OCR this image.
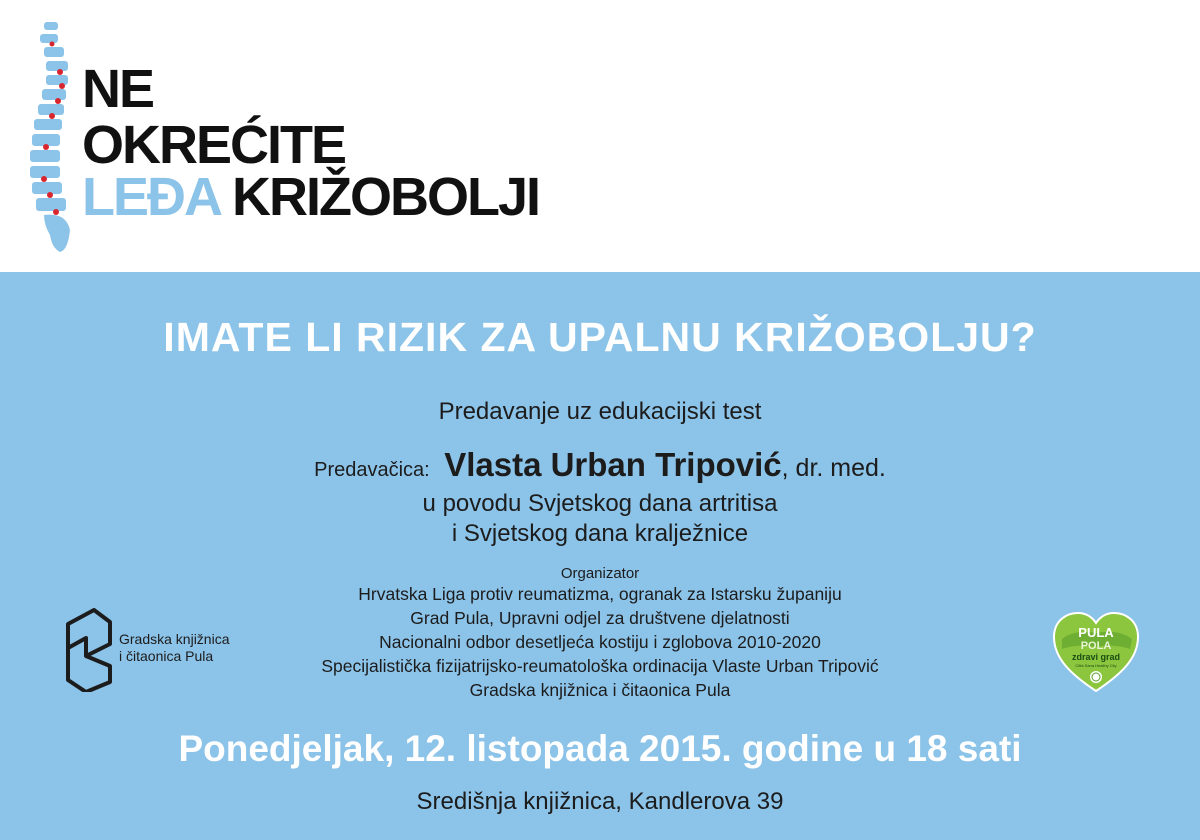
NE
OKREĆITE
LEĐA KRIŽOBOLJI
IMATE LI RIZIK ZA UPALNU KRIŽOBOLJU?
Predavanje uz edukacijski test
Predavačica: Vlasta Urban Tripović, dr. med.
u povodu Svjetskog dana artritisa
i Svjetskog dana kralježnice
Organizator
Hrvatska Liga protiv reumatizma, ogranak za Istarsku županiju
Grad Pula, Upravni odjel za društvene djelatnosti
Nacionalni odbor desetljeća kostiju i zglobova 2010-2020
Specijalistička fizijatrijsko-reumatološka ordinacija Vlaste Urban Tripović
Gradska knjižnica i čitaonica Pula
Gradska knjižnica
i čitaonica Pula
PULA
POLA
zdravi grad
Città Sana Healthy City
Ponedjeljak, 12. listopada 2015. godine u 18 sati
Središnja knjižnica, Kandlerova 39
